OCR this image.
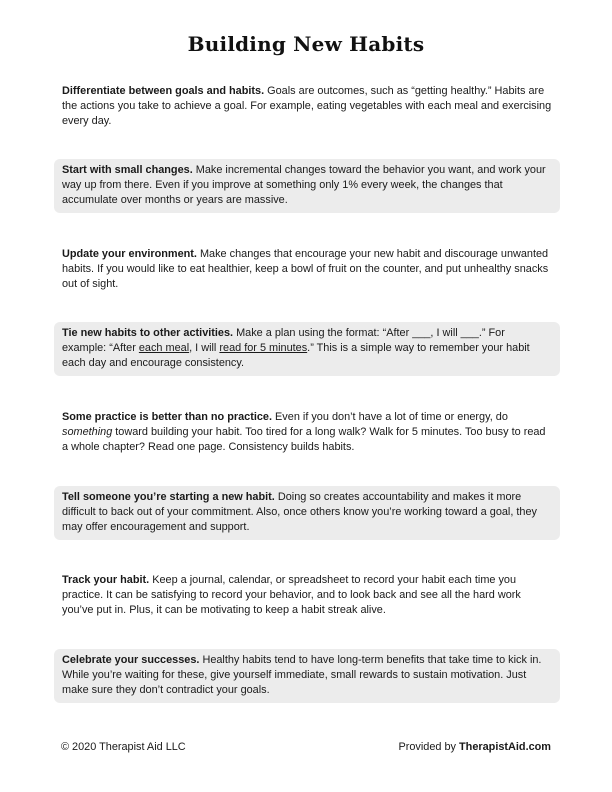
Building New Habits
Differentiate between goals and habits. Goals are outcomes, such as “getting healthy.” Habits are the actions you take to achieve a goal. For example, eating vegetables with each meal and exercising every day.
Start with small changes. Make incremental changes toward the behavior you want, and work your way up from there. Even if you improve at something only 1% every week, the changes that accumulate over months or years are massive.
Update your environment. Make changes that encourage your new habit and discourage unwanted habits. If you would like to eat healthier, keep a bowl of fruit on the counter, and put unhealthy snacks out of sight.
Tie new habits to other activities. Make a plan using the format: “After ___, I will ___.” For example: “After each meal, I will read for 5 minutes.” This is a simple way to remember your habit each day and encourage consistency.
Some practice is better than no practice. Even if you don’t have a lot of time or energy, do something toward building your habit. Too tired for a long walk? Walk for 5 minutes. Too busy to read a whole chapter? Read one page. Consistency builds habits.
Tell someone you’re starting a new habit. Doing so creates accountability and makes it more difficult to back out of your commitment. Also, once others know you’re working toward a goal, they may offer encouragement and support.
Track your habit. Keep a journal, calendar, or spreadsheet to record your habit each time you practice. It can be satisfying to record your behavior, and to look back and see all the hard work you’ve put in. Plus, it can be motivating to keep a habit streak alive.
Celebrate your successes. Healthy habits tend to have long-term benefits that take time to kick in. While you’re waiting for these, give yourself immediate, small rewards to sustain motivation. Just make sure they don’t contradict your goals.
© 2020 Therapist Aid LLC	Provided by TherapistAid.com
